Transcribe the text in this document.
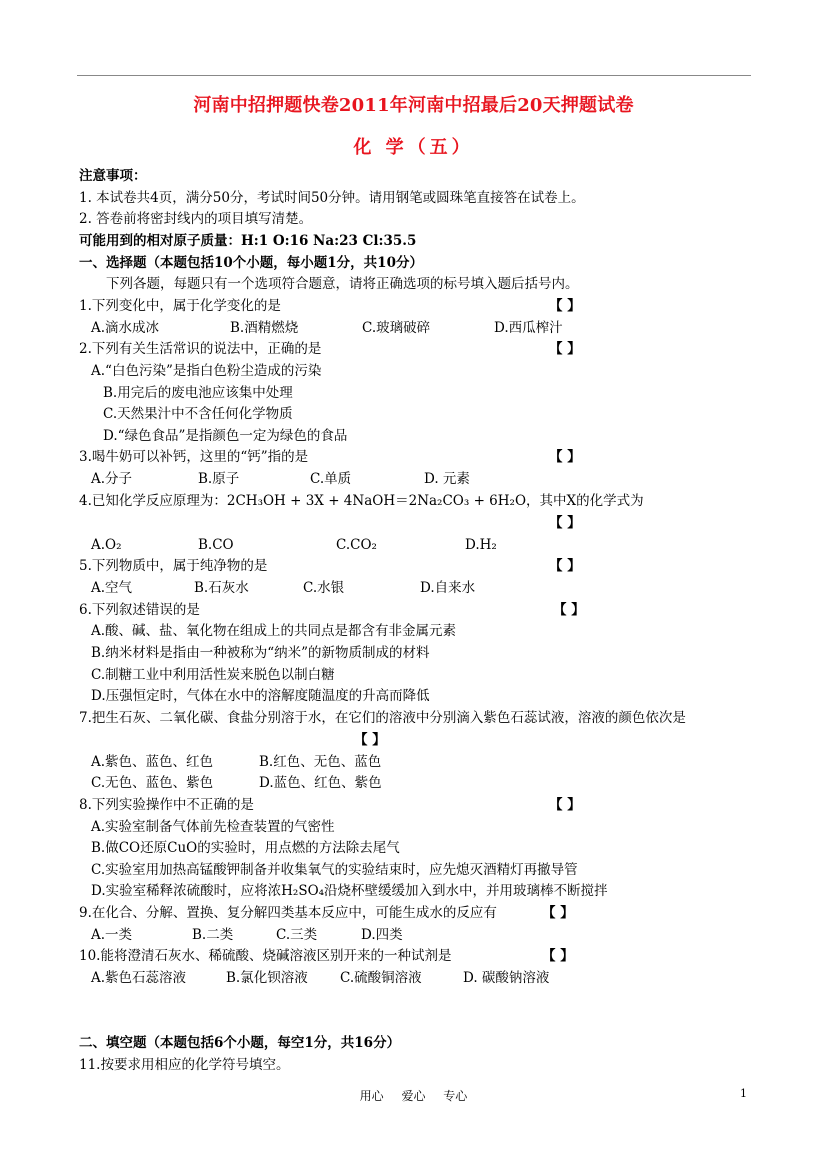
河南中招押题快卷2011年河南中招最后20天押题试卷
化 学（五）
注意事项：
1. 本试卷共4页，满分50分，考试时间50分钟。请用钢笔或圆珠笔直接答在试卷上。
2. 答卷前将密封线内的项目填写清楚。
可能用到的相对原子质量：H:1 O:16 Na:23 Cl:35.5
一、选择题（本题包括10个小题，每小题1分，共10分）
下列各题，每题只有一个选项符合题意，请将正确选项的标号填入题后括号内。
1.下列变化中，属于化学变化的是	【 】
A.滴水成冰	B.酒精燃烧	C.玻璃破碎	D.西瓜榨汁
2.下列有关生活常识的说法中，正确的是	【 】
A.“白色污染”是指白色粉尘造成的污染
B.用完后的废电池应该集中处理
C.天然果汁中不含任何化学物质
D.“绿色食品”是指颜色一定为绿色的食品
3.喝牛奶可以补钙，这里的“钙”指的是	【 】
A.分子	B.原子	C.单质	D. 元素
4.已知化学反应原理为：2CH₃OH + 3X + 4NaOH＝2Na₂CO₃ + 6H₂O，其中X的化学式为
【 】
A.O₂	B.CO	C.CO₂	D.H₂
5.下列物质中，属于纯净物的是	【 】
A.空气	B.石灰水	C.水银	D.自来水
6.下列叙述错误的是	【 】
A.酸、碱、盐、氧化物在组成上的共同点是都含有非金属元素
B.纳米材料是指由一种被称为“纳米”的新物质制成的材料
C.制糖工业中利用活性炭来脱色以制白糖
D.压强恒定时，气体在水中的溶解度随温度的升高而降低
7.把生石灰、二氧化碳、食盐分别溶于水，在它们的溶液中分别滴入紫色石蕊试液，溶液的颜色依次是
【 】
A.紫色、蓝色、红色	B.红色、无色、蓝色
C.无色、蓝色、紫色	D.蓝色、红色、紫色
8.下列实验操作中不正确的是	【 】
A.实验室制备气体前先检查装置的气密性
B.做CO还原CuO的实验时，用点燃的方法除去尾气
C.实验室用加热高锰酸钾制备并收集氧气的实验结束时，应先熄灭酒精灯再撤导管
D.实验室稀释浓硫酸时，应将浓H₂SO₄沿烧杯壁缓缓加入到水中，并用玻璃棒不断搅拌
9.在化合、分解、置换、复分解四类基本反应中，可能生成水的反应有	【 】
A.一类	B.二类	C.三类	D.四类
10.能将澄清石灰水、稀硫酸、烧碱溶液区别开来的一种试剂是	【 】
A.紫色石蕊溶液	B.氯化钡溶液 C.硫酸铜溶液	D. 碳酸钠溶液
二、填空题（本题包括6个小题，每空1分，共16分）
11.按要求用相应的化学符号填空。
用心 爱心 专心	1
